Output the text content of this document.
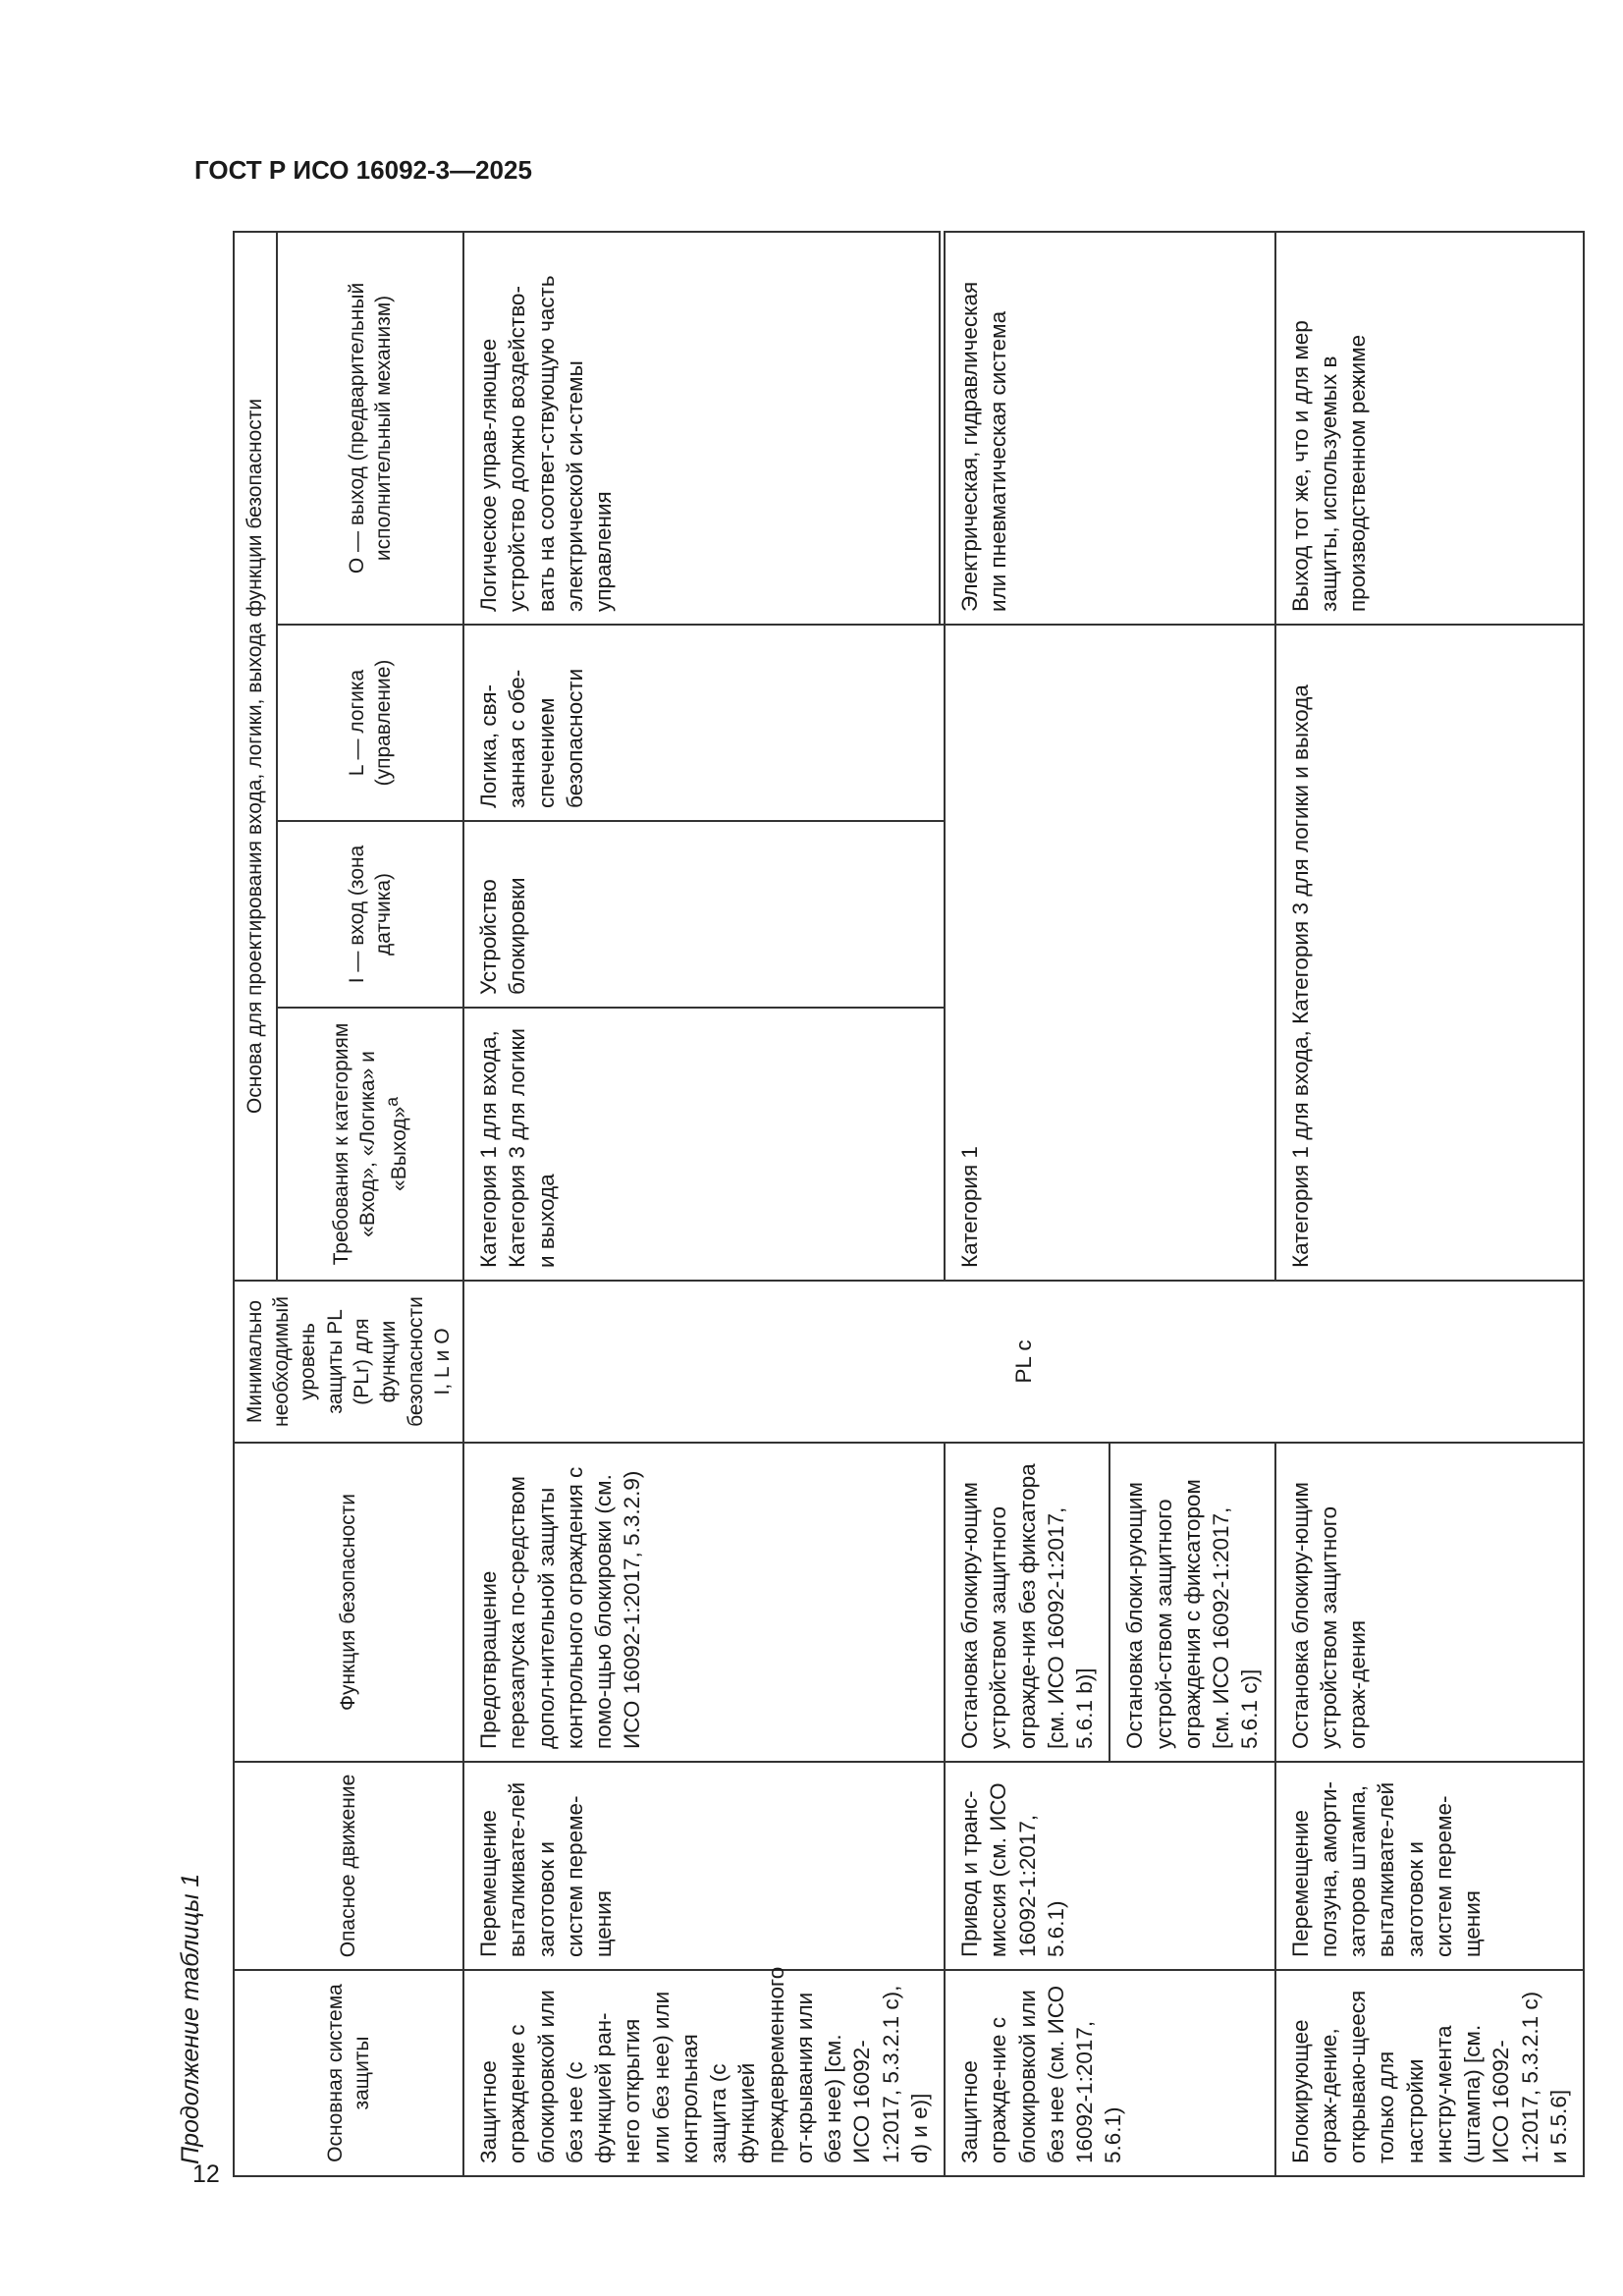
ГОСТ Р ИСО 16092-3—2025
12
Продолжение таблицы 1	Основная система защиты	Опасное движение	Функция безопасности	Минимально необходимый уровень защиты PL (PLr) для функции безопасности I, L и O	Основа для проектирования входа, логики, выхода функции безопасности			
				Требования к категориям «Вход», «Логика» и «Выход»$^a$	I — вход (зона датчика)	L — логика (управление)	O — выход (предварительный исполнительный механизм)
Защитное ограждение с блокировкой или без нее (с функцией ран-него открытия или без нее) или контрольная защита (с функцией преждевременного от-крывания или без нее) [см. ИСО 16092-1:2017, 5.3.2.1 c), d) и e)]	Перемещение выталкивате-лей заготовок и систем переме-щения	Предотвращение перезапуска по-средством допол-нительной защиты контрольного ограждения с помо-щью блокировки (см. ИСО 16092-1:2017, 5.3.2.9)	PL c	Категория 1 для входа, Категория 3 для логики и выхода	Устройство блокировки	Логика, свя-занная с обе-спечением безопасности	Логическое управ-ляющее устройство должно воздейство-вать на соответ-ствующую часть электрической си-стемы управления

Защитное огражде-ние с блокировкой или без нее (см. ИСО 16092-1:2017, 5.6.1)	Привод и транс-миссия (см. ИСО 16092-1:2017, 5.6.1)	Остановка блокиру-ющим устройством защитного огражде-ния без фиксатора [см. ИСО 16092-1:2017, 5.6.1 b)]		Категория 1			Электрическая, гидравлическая или пневматическая система
		Остановка блоки-рующим устрой-ством защитного ограждения с фиксатором [см. ИСО 16092-1:2017, 5.6.1 c)]					
Блокирующее ограж-дение, открываю-щееся только для настройки инстру-мента (штампа) [см. ИСО 16092-1:2017, 5.3.2.1 c) и 5.5.6]	Перемещение ползуна, аморти-заторов штампа, выталкивате-лей заготовок и систем переме-щения	Остановка блокиру-ющим устройством защитного ограж-дения		Категория 1 для входа, Категория 3 для логики и выхода			Выход тот же, что и для мер защиты, используемых в производственном режиме
